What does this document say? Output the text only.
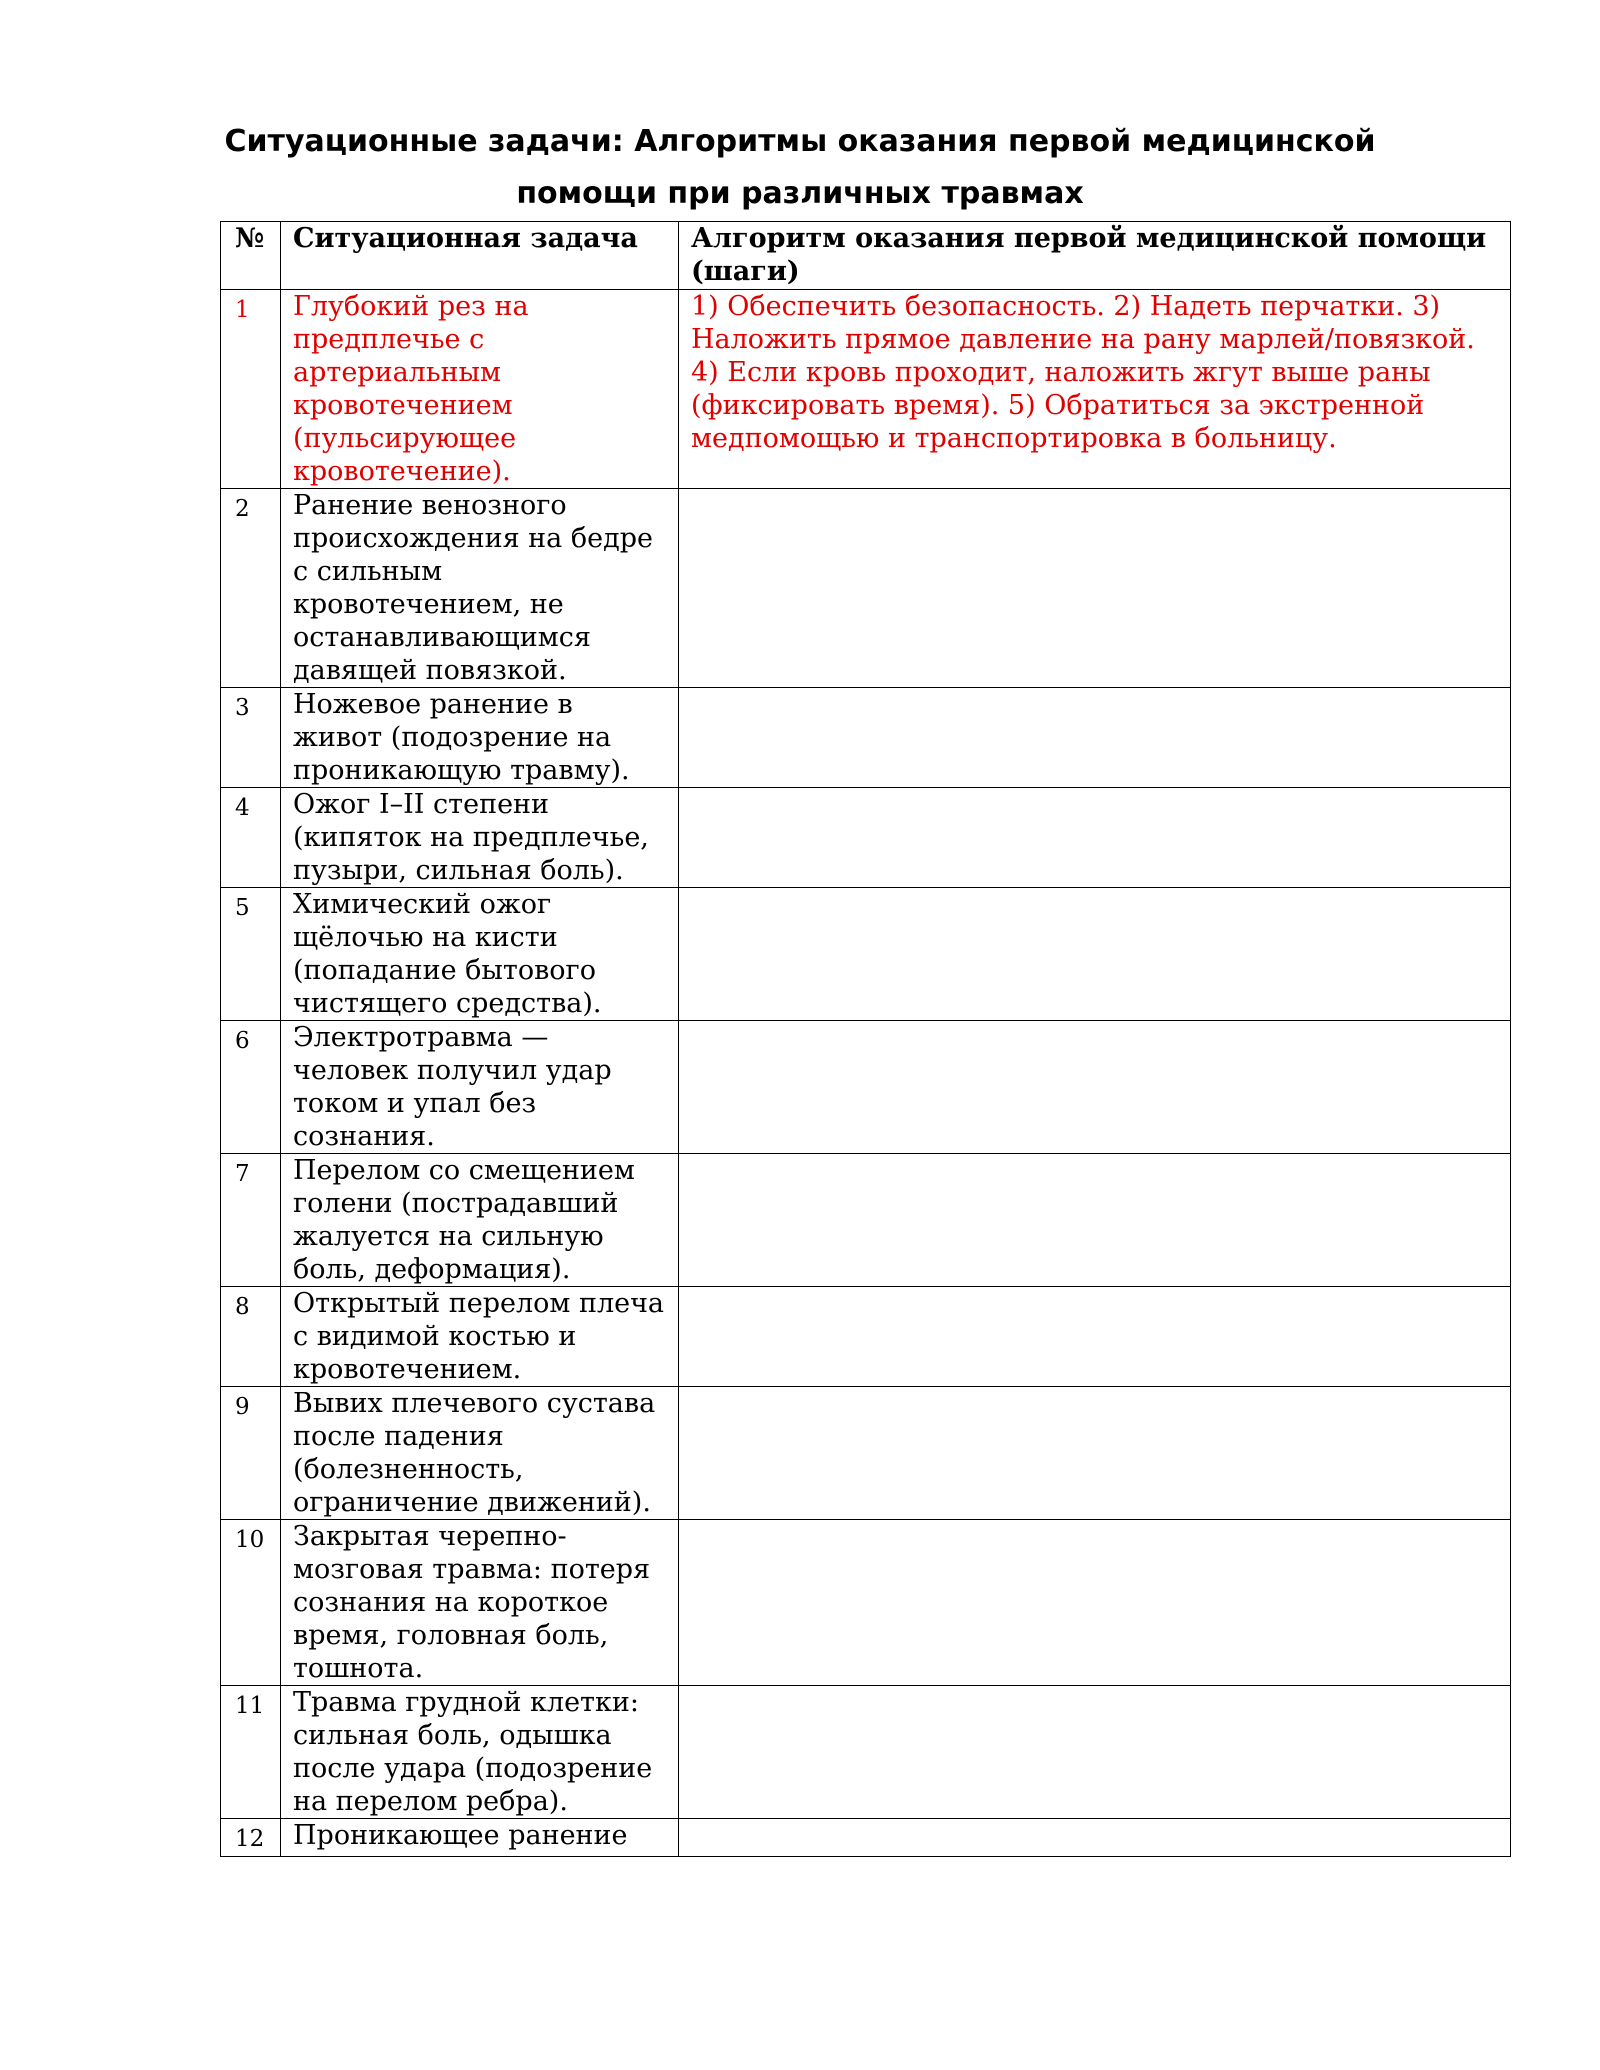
Ситуационные задачи: Алгоритмы оказания первой медицинской
помощи при различных травмах
№	Ситуационная задача	Алгоритм оказания первой медицинской помощи (шаги)
1	Глубокий рез на предплечье с артериальным кровотечением (пульсирующее кровотечение).	1) Обеспечить безопасность. 2) Надеть перчатки. 3) Наложить прямое давление на рану марлей/повязкой. 4) Если кровь проходит, наложить жгут выше раны (фиксировать время). 5) Обратиться за экстренной медпомощью и транспортировка в больницу.
2	Ранение венозного происхождения на бедре с сильным кровотечением, не останавливающимся давящей повязкой.	
3	Ножевое ранение в живот (подозрение на проникающую травму).	
4	Ожог I–II степени (кипяток на предплечье, пузыри, сильная боль).	
5	Химический ожог щёлочью на кисти (попадание бытового чистящего средства).	
6	Электротравма — человек получил удар током и упал без сознания.	
7	Перелом со смещением голени (пострадавший жалуется на сильную боль, деформация).	
8	Открытый перелом плеча с видимой костью и кровотечением.	
9	Вывих плечевого сустава после падения (болезненность, ограничение движений).	
10	Закрытая черепно-мозговая травма: потеря сознания на короткое время, головная боль, тошнота.	
11	Травма грудной клетки: сильная боль, одышка после удара (подозрение на перелом ребра).	
12	Проникающее ранение	
